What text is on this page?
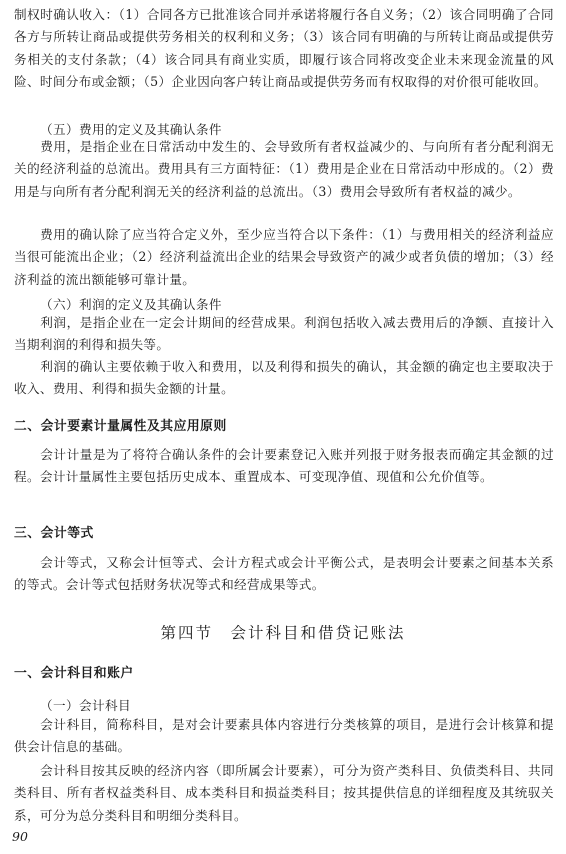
制权时确认收入：（1）合同各方已批准该合同并承诺将履行各自义务；（2）该合同明确了合同各方与所转让商品或提供劳务相关的权利和义务；（3）该合同有明确的与所转让商品或提供劳务相关的支付条款；（4）该合同具有商业实质，即履行该合同将改变企业未来现金流量的风险、时间分布或金额；（5）企业因向客户转让商品或提供劳务而有权取得的对价很可能收回。
（五）费用的定义及其确认条件
费用，是指企业在日常活动中发生的、会导致所有者权益减少的、与向所有者分配利润无关的经济利益的总流出。费用具有三方面特征：（1）费用是企业在日常活动中形成的。（2）费用是与向所有者分配利润无关的经济利益的总流出。（3）费用会导致所有者权益的减少。
费用的确认除了应当符合定义外，至少应当符合以下条件：（1）与费用相关的经济利益应当很可能流出企业；（2）经济利益流出企业的结果会导致资产的减少或者负债的增加；（3）经济利益的流出额能够可靠计量。
（六）利润的定义及其确认条件
利润，是指企业在一定会计期间的经营成果。利润包括收入减去费用后的净额、直接计入当期利润的利得和损失等。
利润的确认主要依赖于收入和费用，以及利得和损失的确认，其金额的确定也主要取决于收入、费用、利得和损失金额的计量。
二、会计要素计量属性及其应用原则
会计计量是为了将符合确认条件的会计要素登记入账并列报于财务报表而确定其金额的过程。会计计量属性主要包括历史成本、重置成本、可变现净值、现值和公允价值等。
三、会计等式
会计等式，又称会计恒等式、会计方程式或会计平衡公式，是表明会计要素之间基本关系的等式。会计等式包括财务状况等式和经营成果等式。
第四节　会计科目和借贷记账法
一、会计科目和账户
（一）会计科目
会计科目，简称科目，是对会计要素具体内容进行分类核算的项目，是进行会计核算和提供会计信息的基础。
会计科目按其反映的经济内容（即所属会计要素），可分为资产类科目、负债类科目、共同类科目、所有者权益类科目、成本类科目和损益类科目；按其提供信息的详细程度及其统驭关系，可分为总分类科目和明细分类科目。
90
